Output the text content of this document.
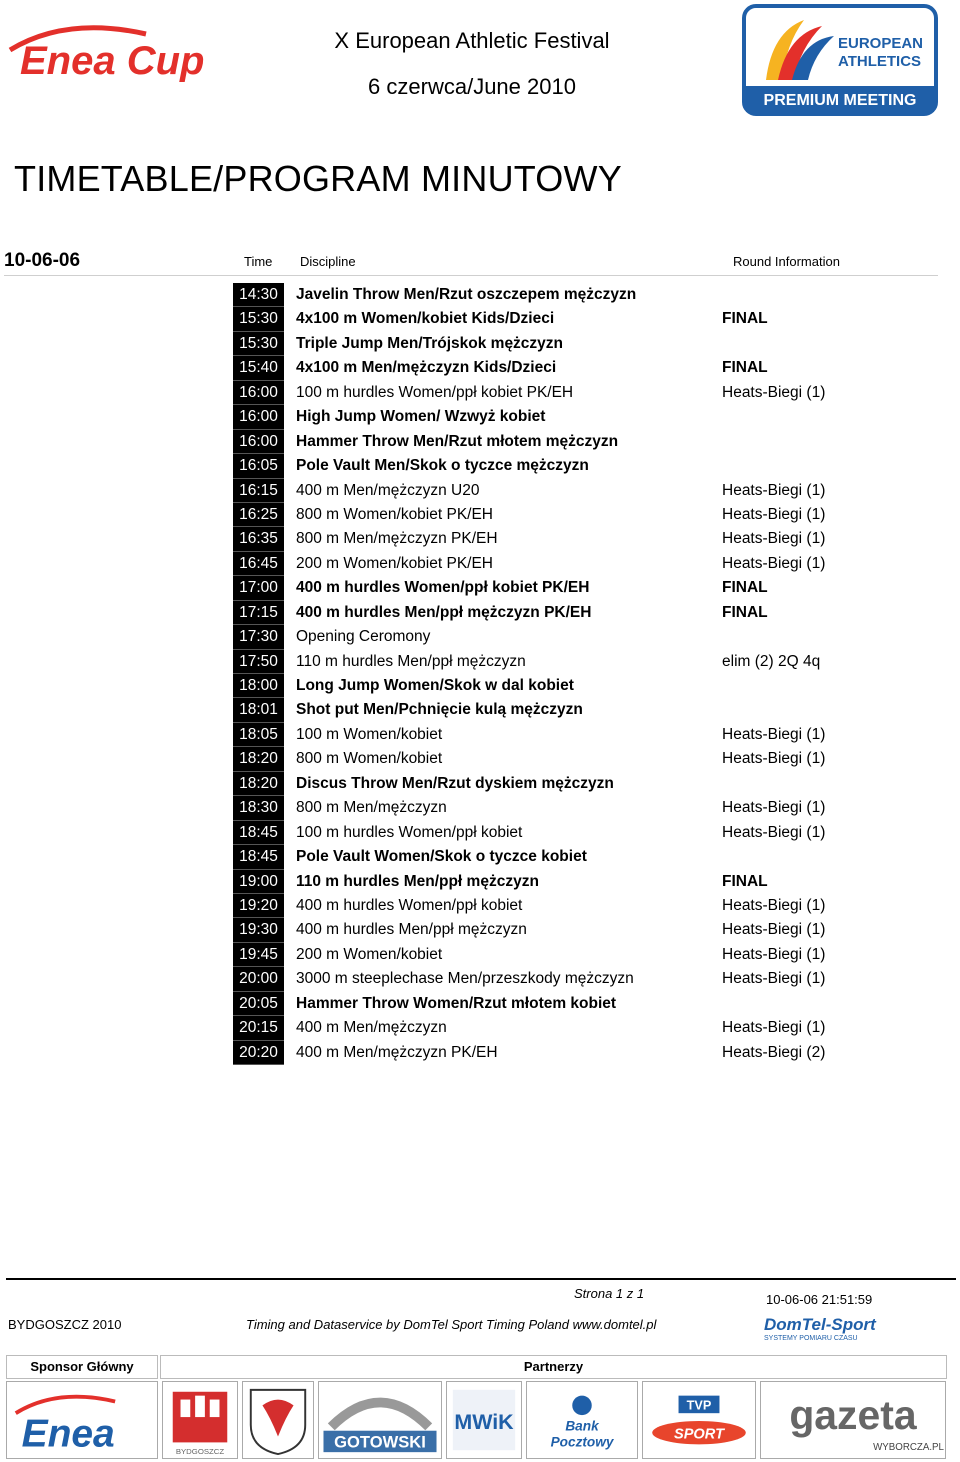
Enea Cup	X European Athletic Festival
6 czerwca/June 2010
EUROPEAN
ATHLETICS
PREMIUM MEETING
TIMETABLE/PROGRAM MINUTOWY
10-06-06	Time Discipline	Round Information
14:30	Javelin Throw Men/Rzut oszczepem mężczyzn
15:30	4x100 m Women/kobiet Kids/Dzieci	FINAL
15:30	Triple Jump Men/Trójskok mężczyzn
15:40	4x100 m Men/mężczyzn Kids/Dzieci	FINAL
16:00	100 m hurdles Women/ppł kobiet PK/EH	Heats-Biegi (1)
16:00	High Jump Women/ Wzwyż kobiet
16:00	Hammer Throw Men/Rzut młotem mężczyzn
16:05	Pole Vault Men/Skok o tyczce mężczyzn
16:15	400 m Men/mężczyzn U20	Heats-Biegi (1)
16:25	800 m Women/kobiet PK/EH	Heats-Biegi (1)
16:35	800 m Men/mężczyzn PK/EH	Heats-Biegi (1)
16:45	200 m Women/kobiet PK/EH	Heats-Biegi (1)
17:00	400 m hurdles Women/ppł kobiet PK/EH	FINAL
17:15	400 m hurdles Men/ppł mężczyzn PK/EH	FINAL
17:30	Opening Ceromony
17:50	110 m hurdles Men/ppł mężczyzn	elim (2) 2Q 4q
18:00	Long Jump Women/Skok w dal kobiet
18:01	Shot put Men/Pchnięcie kulą mężczyzn
18:05	100 m Women/kobiet	Heats-Biegi (1)
18:20	800 m Women/kobiet	Heats-Biegi (1)
18:20	Discus Throw Men/Rzut dyskiem mężczyzn
18:30	800 m Men/mężczyzn	Heats-Biegi (1)
18:45	100 m hurdles Women/ppł kobiet	Heats-Biegi (1)
18:45	Pole Vault Women/Skok o tyczce kobiet
19:00	110 m hurdles Men/ppł mężczyzn	FINAL
19:20	400 m hurdles Women/ppł kobiet	Heats-Biegi (1)
19:30	400 m hurdles Men/ppł mężczyzn	Heats-Biegi (1)
19:45	200 m Women/kobiet	Heats-Biegi (1)
20:00	3000 m steeplechase Men/przeszkody mężczyzn	Heats-Biegi (1)
20:05	Hammer Throw Women/Rzut młotem kobiet
20:15	400 m Men/mężczyzn	Heats-Biegi (1)
20:20	400 m Men/mężczyzn PK/EH	Heats-Biegi (2)
Strona 1 z 1
BYDGOSZCZ 2010	Timing and Dataservice by DomTel Sport Timing Poland www.domtel.pl
10-06-06 21:51:59
DomTel-Sport
SYSTEMY POMIARU CZASU
Sponsor Główny	Partnerzy
Enea	BYDGOSZCZ
GOTOWSKI
MWiK	Bank
Pocztowy
TVP
SPORT gazeta
WYBORCZA.PL
